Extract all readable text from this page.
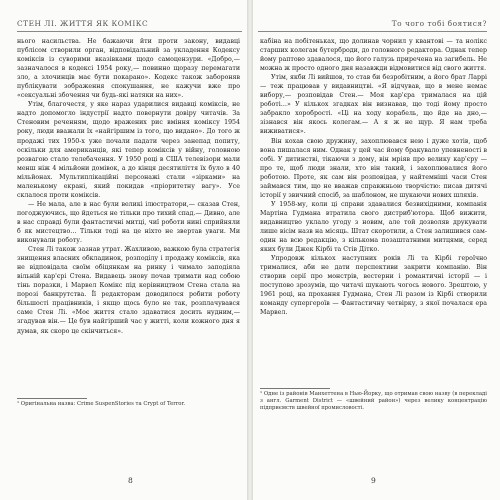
СТЕН ЛІ. ЖИТТЯ ЯК КОМІКС

нього насильства. Не бажаючи йти проти закону, видавці публісом створили орган, відповідальний за укладення Кодексу коміксів із суворими вказівками щодо самоцензури. «Добро,— зазначалося в кодексі 1954 року,— повинно щоразу перемагати зло, а злочинців має бути покарано». Кодекс також забороняв публікувати зображення спокушання, не кажучи вже про «сексуальні збочення чи будь-які натяки на них».

Утім, благочестя, у яке нараз ударилися видавці коміксів, не надто допомогло індустрії надто повернути довіру читачів. За Стеновим реченням, щодо вражених рис вміння коміксу 1954 року, люди вважали їх «найгіршим із того, що видано». До того ж продажі тих 1950-х уже почали падати через занепад попиту, оскільки для американців, які тепер коміксів у війну, головною розвагою стало телебачення. У 1950 році в США телевізори мали менш ніж 4 мільйони домівок, а до кінця десятиліття їх було в 40 мільйонах. Мультиплікаційні персонажі стали «зірками» на маленькому екрані, який покидав «пріоритетну вагу». Усе склалося проти коміксів.

— Не мала, але в нас були великі ілюстратори,— сказав Стен, погоджуючись, що йдеться не тільки про тихий спад.— Дивно, але в нас справді були фантастичні митці, чиї роботи нині сприйняли б як мистецтво… Тільки тоді на це ніхто не звертав уваги. Ми виконували роботу.

Стен Лі також зазнав утрат. Жахливою, важкою була стратегія знищення власних обкладинок, розподілу і продажу коміксів, яка не відповідала своїм обіцянкам на ринку і чимало заподіяла вільній кар'єрі Стена. Видавець знову почав тримати над собою тінь поразки, і Марвел Комікс під керівництвом Стена стала на порозі банкрутства. Її редакторам доводилося робити роботу більшості працівників, і якщо щось було не так, розплачувався саме Стен Лі. «Моє життя стало здаватися досить нудним,— згадував він.— Це був найгірший час у житті, коли кожного дня я думав, як скоро це скінчиться».

¹ Оригінальна назва: Crime SuspenStories та Crypt of Terror.
8
То чого тобі боятися?

кабіна на побітеньках, що долинав чорнил у квантові — та нолікс старших колегам бутерброди, до головного редактора. Однак тепер йому раптово здавалося, що його галузь приречена на загибель. Не можна ж просто одного дня назавжди відмовитися від свого життя.

Утім, якби Лі вийшов, то став би безробітним, а його брат Ларрі — теж працював у видавництві. «Я відчував, що в мене немає вибору,— розповідав Стен.— Моя кар'єра трималася на цій роботі…» У кількох згадках він визнавав, що тоді йому просто забракло хоробрості. «Ці на ходу корабель, що йде на дно,— зізнався він якось колегам.— А я ж не щур. Я нам треба виживатися».

Він кохав свою дружину, захоплювався нею і дуже хотів, щоб вона пишалася ним. Однак у цей час йому бракувало упевненості в собі. У дитинстві, тікаючи з дому, він мріяв про велику кар'єру — про те, щоб люди знали, хто він такий, і захоплювалися його роботою. Проте, як сам він розповідав, у найтемніші часи Стен займався тим, що не вважав справжньою творчістю: писав дитячі історії у звичний спосіб, за шаблоном, не шукаючи нових шляхів.

У 1958-му, коли ці справи здавалися безвихідними, компанія Мартіна Гудмана втратила свого дистриб'ютора. Щоб вижити, видавництво уклало угоду з новим, але той дозволяв друкувати лише вісім назв на місяць. Штат скоротили, а Стен залишився сам-один на всю редакцію, з кількома позаштатними митцями, серед яких були Джек Кірбі та Стів Дітко.

Упродовж кількох наступних років Лі та Кірбі героїчно трималися, аби не дати перспективи закрити компанію. Він створив серії про монстрів, вестерни і романтичні історії — і поступово зрозумів, що читачі шукають чогось нового. Зрештою, у 1961 році, на прохання Гудмана, Стен Лі разом із Кірбі створили команду супергероїв — Фантастичну четвірку, з якої почалася ера Марвел.

¹ Одне із районів Манхеттена в Нью-Йорку, що отримав свою назву (в перекладі з англ. Garment District — «швейний район») через велику концентрацію підприємств швейної промисловості.
9
